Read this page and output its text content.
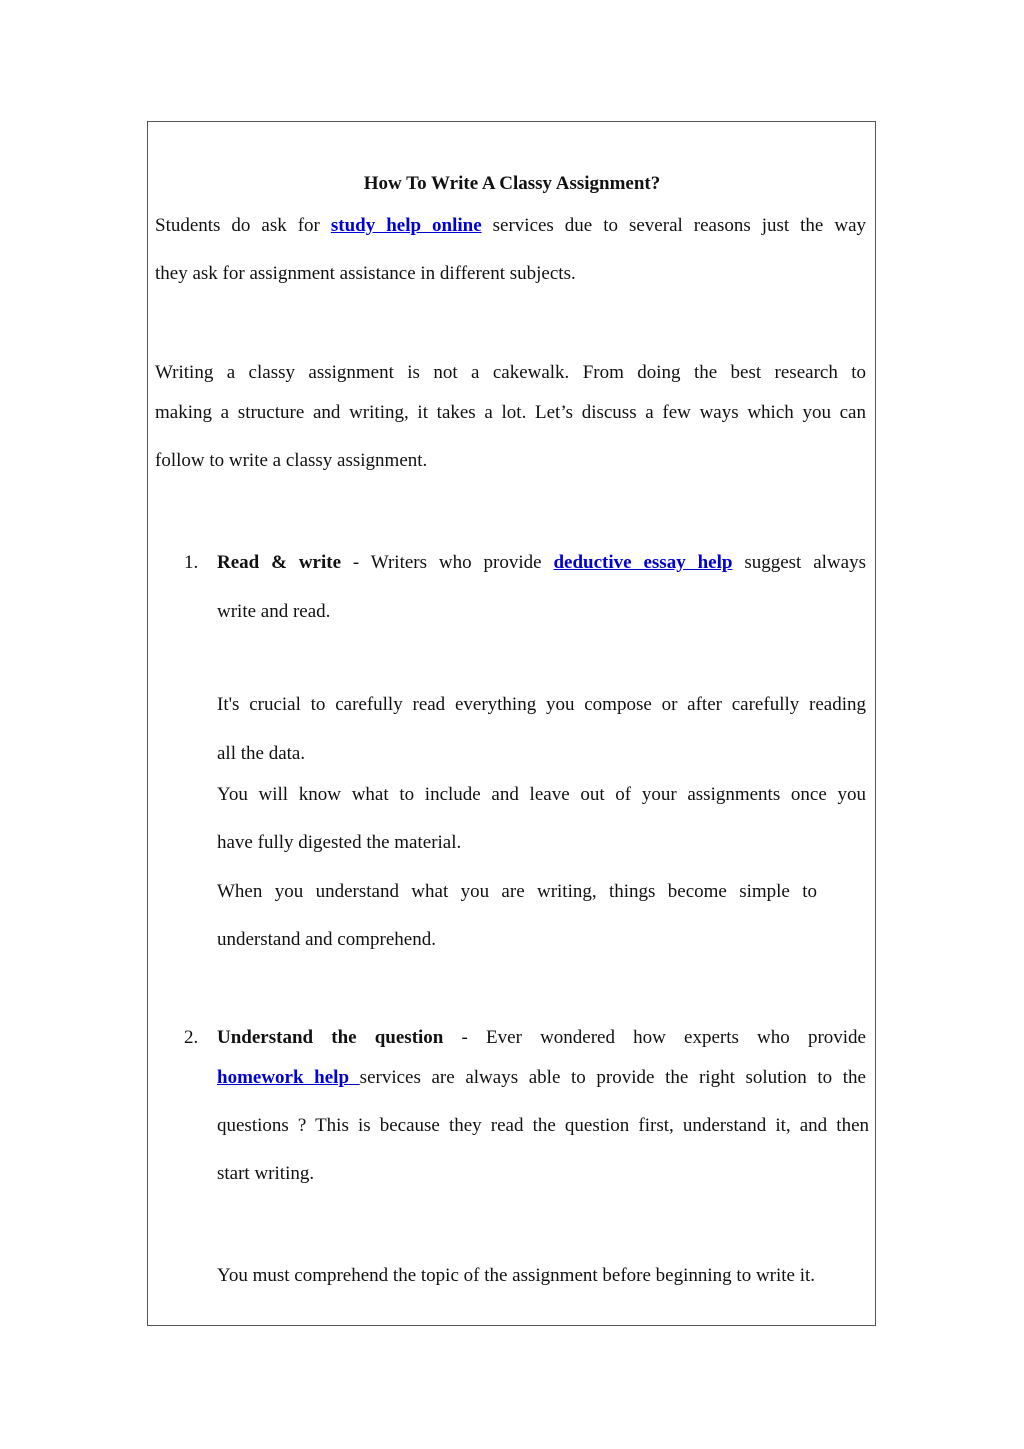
How To Write A Classy Assignment?
Students do ask for study help online services due to several reasons just the way
they ask for assignment assistance in different subjects.
Writing a classy assignment is not a cakewalk. From doing the best research to
making a structure and writing, it takes a lot. Let’s discuss a few ways which you can
follow to write a classy assignment.
1. Read & write - Writers who provide deductive essay help suggest always
write and read.
It's crucial to carefully read everything you compose or after carefully reading
all the data.
You will know what to include and leave out of your assignments once you
have fully digested the material.
When you understand what you are writing, things become simple to
understand and comprehend.
2. Understand the question - Ever wondered how experts who provide
homework help services are always able to provide the right solution to the
questions ? This is because they read the question first, understand it, and then
start writing.
You must comprehend the topic of the assignment before beginning to write it.
